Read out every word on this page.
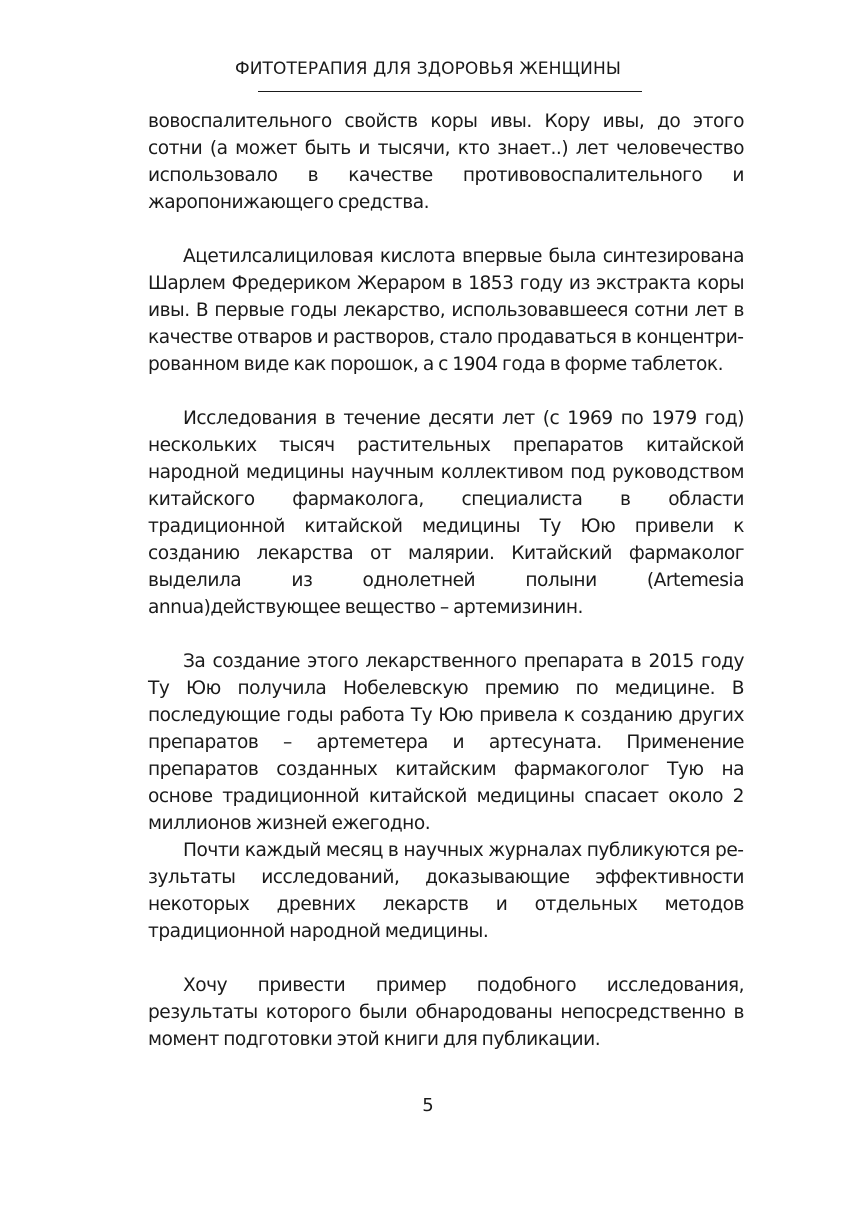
ФИТОТЕРАПИЯ ДЛЯ ЗДОРОВЬЯ ЖЕНЩИНЫ

вовоспалительного свойств коры ивы. Кору ивы, до этого сотни (а может быть и тысячи, кто знает..) лет человечество использовало в качестве противовоспалительного и жаропонижающего средства.

Ацетилсалициловая кислота впервые была синтезирована Шарлем Фредериком Жераром в 1853 году из экстракта коры ивы. В первые годы лекарство, использовавшееся сотни лет в качестве отваров и растворов, стало продаваться в концентрированном виде как порошок, а с 1904 года в форме таблеток.

Исследования в течение десяти лет (с 1969 по 1979 год) нескольких тысяч растительных препаратов китайской народной медицины научным коллективом под руководством китайского фармаколога, специалиста в области традиционной китайской медицины Ту Юю привели к созданию лекарства от малярии. Китайский фармаколог выделила из однолетней полыни (Artemesia annua)действующее вещество – артемизинин.

За создание этого лекарственного препарата в 2015 году Ту Юю получила Нобелевскую премию по медицине. В последующие годы работа Ту Юю привела к созданию других препаратов – артеметера и артесуната. Применение препаратов созданных китайским фармакоголог Тую на основе традиционной китайской медицины спасает около 2 миллионов жизней ежегодно.

Почти каждый месяц в научных журналах публикуются результаты исследований, доказывающие эффективности некоторых древних лекарств и отдельных методов традиционной народной медицины.

Хочу привести пример подобного исследования, результаты которого были обнародованы непосредственно в момент подготовки этой книги для публикации.

5
